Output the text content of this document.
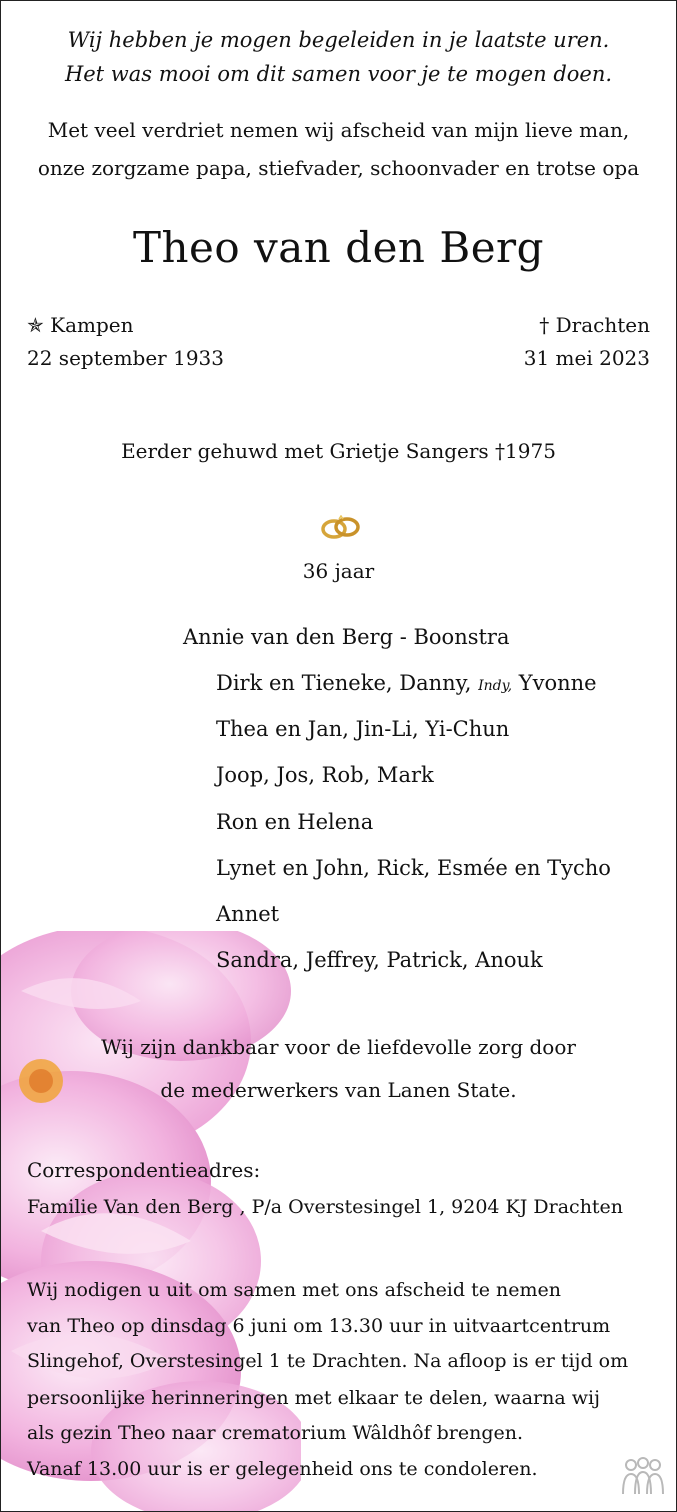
Wij hebben je mogen begeleiden in je laatste uren.

Het was mooi om dit samen voor je te mogen doen.

Met veel verdriet nemen wij afscheid van mijn lieve man,

onze zorgzame papa, stiefvader, schoonvader en trotse opa

Theo van den Berg

✯ Kampen

22 september 1933

† Drachten

31 mei 2023

Eerder gehuwd met Grietje Sangers †1975

36 jaar

Annie van den Berg - Boonstra

Dirk en Tieneke, Danny, Indy, Yvonne

Thea en Jan, Jin-Li, Yi-Chun

Joop, Jos, Rob, Mark

Ron en Helena

Lynet en John, Rick, Esmée en Tycho

Annet

Sandra, Jeffrey, Patrick, Anouk

Wij zijn dankbaar voor de liefdevolle zorg door

de mederwerkers van Lanen State.

Correspondentieadres:

Familie Van den Berg , P/a Overstesingel 1, 9204 KJ Drachten

Wij nodigen u uit om samen met ons afscheid te nemen

van Theo op dinsdag 6 juni om 13.30 uur in uitvaartcentrum

Slingehof, Overstesingel 1 te Drachten. Na afloop is er tijd om

persoonlijke herinneringen met elkaar te delen, waarna wij

als gezin Theo naar crematorium Wâldhôf brengen.

Vanaf 13.00 uur is er gelegenheid ons te condoleren.
